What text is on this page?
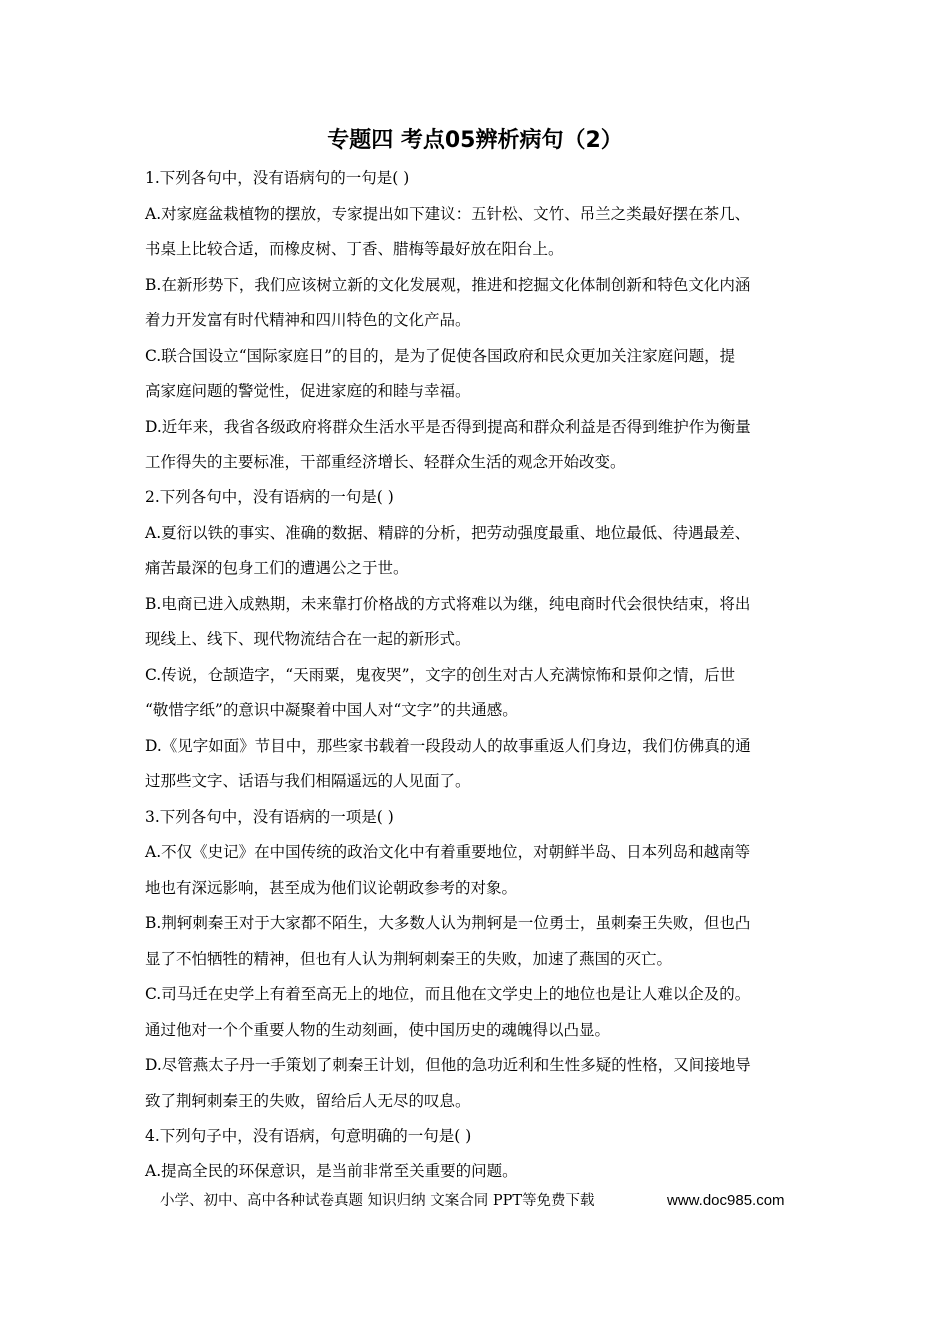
专题四 考点05辨析病句（2）
1.下列各句中，没有语病句的一句是( )
A.对家庭盆栽植物的摆放，专家提出如下建议：五针松、文竹、吊兰之类最好摆在茶几、
书桌上比较合适，而橡皮树、丁香、腊梅等最好放在阳台上。
B.在新形势下，我们应该树立新的文化发展观，推进和挖掘文化体制创新和特色文化内涵
着力开发富有时代精神和四川特色的文化产品。
C.联合国设立“国际家庭日”的目的，是为了促使各国政府和民众更加关注家庭问题，提
高家庭问题的警觉性，促进家庭的和睦与幸福。
D.近年来，我省各级政府将群众生活水平是否得到提高和群众利益是否得到维护作为衡量
工作得失的主要标准，干部重经济增长、轻群众生活的观念开始改变。
2.下列各句中，没有语病的一句是( )
A.夏衍以铁的事实、准确的数据、精辟的分析，把劳动强度最重、地位最低、待遇最差、
痛苦最深的包身工们的遭遇公之于世。
B.电商已进入成熟期，未来靠打价格战的方式将难以为继，纯电商时代会很快结束，将出
现线上、线下、现代物流结合在一起的新形式。
C.传说，仓颉造字，“天雨粟，鬼夜哭”，文字的创生对古人充满惊怖和景仰之情，后世
“敬惜字纸”的意识中凝聚着中国人对“文字”的共通感。
D.《见字如面》节目中，那些家书载着一段段动人的故事重返人们身边，我们仿佛真的通
过那些文字、话语与我们相隔遥远的人见面了。
3.下列各句中，没有语病的一项是( )
A.不仅《史记》在中国传统的政治文化中有着重要地位，对朝鲜半岛、日本列岛和越南等
地也有深远影响，甚至成为他们议论朝政参考的对象。
B.荆轲刺秦王对于大家都不陌生，大多数人认为荆轲是一位勇士，虽刺秦王失败，但也凸
显了不怕牺牲的精神，但也有人认为荆轲刺秦王的失败，加速了燕国的灭亡。
C.司马迁在史学上有着至高无上的地位，而且他在文学史上的地位也是让人难以企及的。
通过他对一个个重要人物的生动刻画，使中国历史的魂魄得以凸显。
D.尽管燕太子丹一手策划了刺秦王计划，但他的急功近利和生性多疑的性格，又间接地导
致了荆轲刺秦王的失败，留给后人无尽的叹息。
4.下列句子中，没有语病，句意明确的一句是( )
A.提高全民的环保意识，是当前非常至关重要的问题。
小学、初中、高中各种试卷真题 知识归纳 文案合同 PPT等免费下载	www.doc985.com
